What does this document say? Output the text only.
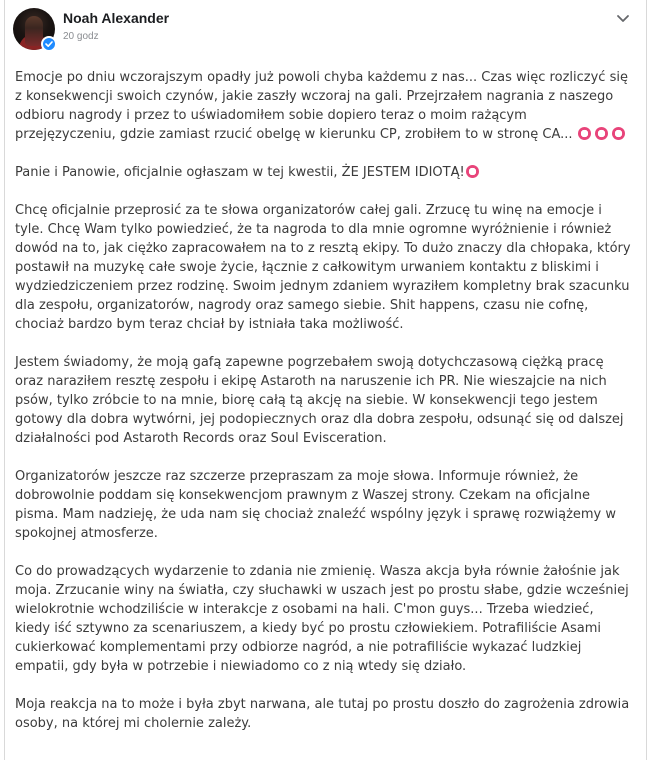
Noah Alexander
20 godz

Emocje po dniu wczorajszym opadły już powoli chyba każdemu z nas... Czas więc rozliczyć się z konsekwencji swoich czynów, jakie zaszły wczoraj na gali. Przejrzałem nagrania z naszego odbioru nagrody i przez to uświadomiłem sobie dopiero teraz o moim rażącym przejęzyczeniu, gdzie zamiast rzucić obelgę w kierunku CP, zrobiłem to w stronę CA...

Panie i Panowie, oficjalnie ogłaszam w tej kwestii, ŻE JESTEM IDIOTĄ!

Chcę oficjalnie przeprosić za te słowa organizatorów całej gali. Zrzucę tu winę na emocje i tyle. Chcę Wam tylko powiedzieć, że ta nagroda to dla mnie ogromne wyróżnienie i również dowód na to, jak ciężko zapracowałem na to z resztą ekipy. To dużo znaczy dla chłopaka, który postawił na muzykę całe swoje życie, łącznie z całkowitym urwaniem kontaktu z bliskimi i wydziedziczeniem przez rodzinę. Swoim jednym zdaniem wyraziłem kompletny brak szacunku dla zespołu, organizatorów, nagrody oraz samego siebie. Shit happens, czasu nie cofnę, chociaż bardzo bym teraz chciał by istniała taka możliwość.

Jestem świadomy, że moją gafą zapewne pogrzebałem swoją dotychczasową ciężką pracę oraz naraziłem resztę zespołu i ekipę Astaroth na naruszenie ich PR. Nie wieszajcie na nich psów, tylko zróbcie to na mnie, biorę całą tą akcję na siebie. W konsekwencji tego jestem gotowy dla dobra wytwórni, jej podopiecznych oraz dla dobra zespołu, odsunąć się od dalszej działalności pod Astaroth Records oraz Soul Evisceration.

Organizatorów jeszcze raz szczerze przepraszam za moje słowa. Informuje również, że dobrowolnie poddam się konsekwencjom prawnym z Waszej strony. Czekam na oficjalne pisma. Mam nadzieję, że uda nam się chociaż znaleźć wspólny język i sprawę rozwiążemy w spokojnej atmosferze.

Co do prowadzących wydarzenie to zdania nie zmienię. Wasza akcja była równie żałośnie jak moja. Zrzucanie winy na światła, czy słuchawki w uszach jest po prostu słabe, gdzie wcześniej wielokrotnie wchodziliście w interakcje z osobami na hali. C'mon guys... Trzeba wiedzieć, kiedy iść sztywno za scenariuszem, a kiedy być po prostu człowiekiem. Potrafiliście Asami cukierkować komplementami przy odbiorze nagród, a nie potrafiliście wykazać ludzkiej empatii, gdy była w potrzebie i niewiadomo co z nią wtedy się działo.

Moja reakcja na to może i była zbyt narwana, ale tutaj po prostu doszło do zagrożenia zdrowia osoby, na której mi cholernie zależy.
